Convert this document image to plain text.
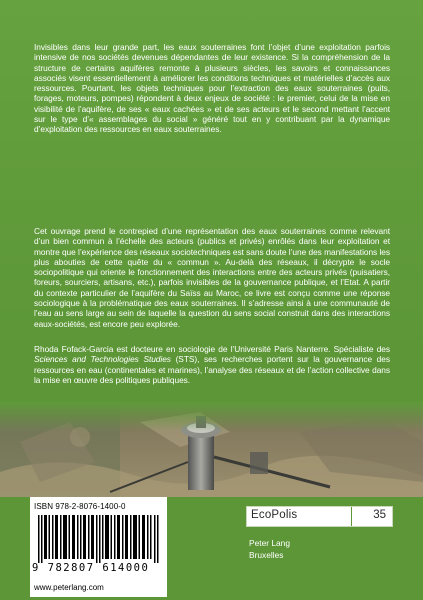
Invisibles dans leur grande part, les eaux souterraines font l’objet d’une exploitation parfois intensive de nos sociétés devenues dépendantes de leur existence. Si la compréhension de la structure de certains aquifères remonte à plusieurs siècles, les savoirs et connaissances associés visent essentiellement à améliorer les conditions techniques et matérielles d’accès aux ressources. Pourtant, les objets techniques pour l’extraction des eaux souterraines (puits, forages, moteurs, pompes) répondent à deux enjeux de société : le premier, celui de la mise en visibilité de l’aquifère, de ses « eaux cachées » et de ses acteurs et le second mettant l’accent sur le type d’« assemblages du social » généré tout en y contribuant par la dynamique d’exploitation des ressources en eaux souterraines.

Cet ouvrage prend le contrepied d’une représentation des eaux souterraines comme relevant d’un bien commun à l’échelle des acteurs (publics et privés) enrôlés dans leur exploitation et montre que l’expérience des réseaux sociotechniques est sans doute l’une des manifestations les plus abouties de cette quête du « commun ». Au-delà des réseaux, il décrypte le socle sociopolitique qui oriente le fonctionnement des interactions entre des acteurs privés (puisatiers, foreurs, sourciers, artisans, etc.), parfois invisibles de la gouvernance publique, et l’Etat. A partir du contexte particulier de l’aquifère du Saïss au Maroc, ce livre est conçu comme une réponse sociologique à la problématique des eaux souterraines. Il s’adresse ainsi à une communauté de l’eau au sens large au sein de laquelle la question du sens social construit dans des interactions eaux-sociétés, est encore peu explorée.

Rhoda Fofack-Garcia est docteure en sociologie de l’Université Paris Nanterre. Spécialiste des Sciences and Technologies Studies (STS), ses recherches portent sur la gouvernance des ressources en eau (continentales et marines), l’analyse des réseaux et de l’action collective dans la mise en œuvre des politiques publiques.

ISBN 978-2-8076-1400-0
9 782807 614000
www.peterlang.com
EcoPolis	35
Peter Lang
Bruxelles
